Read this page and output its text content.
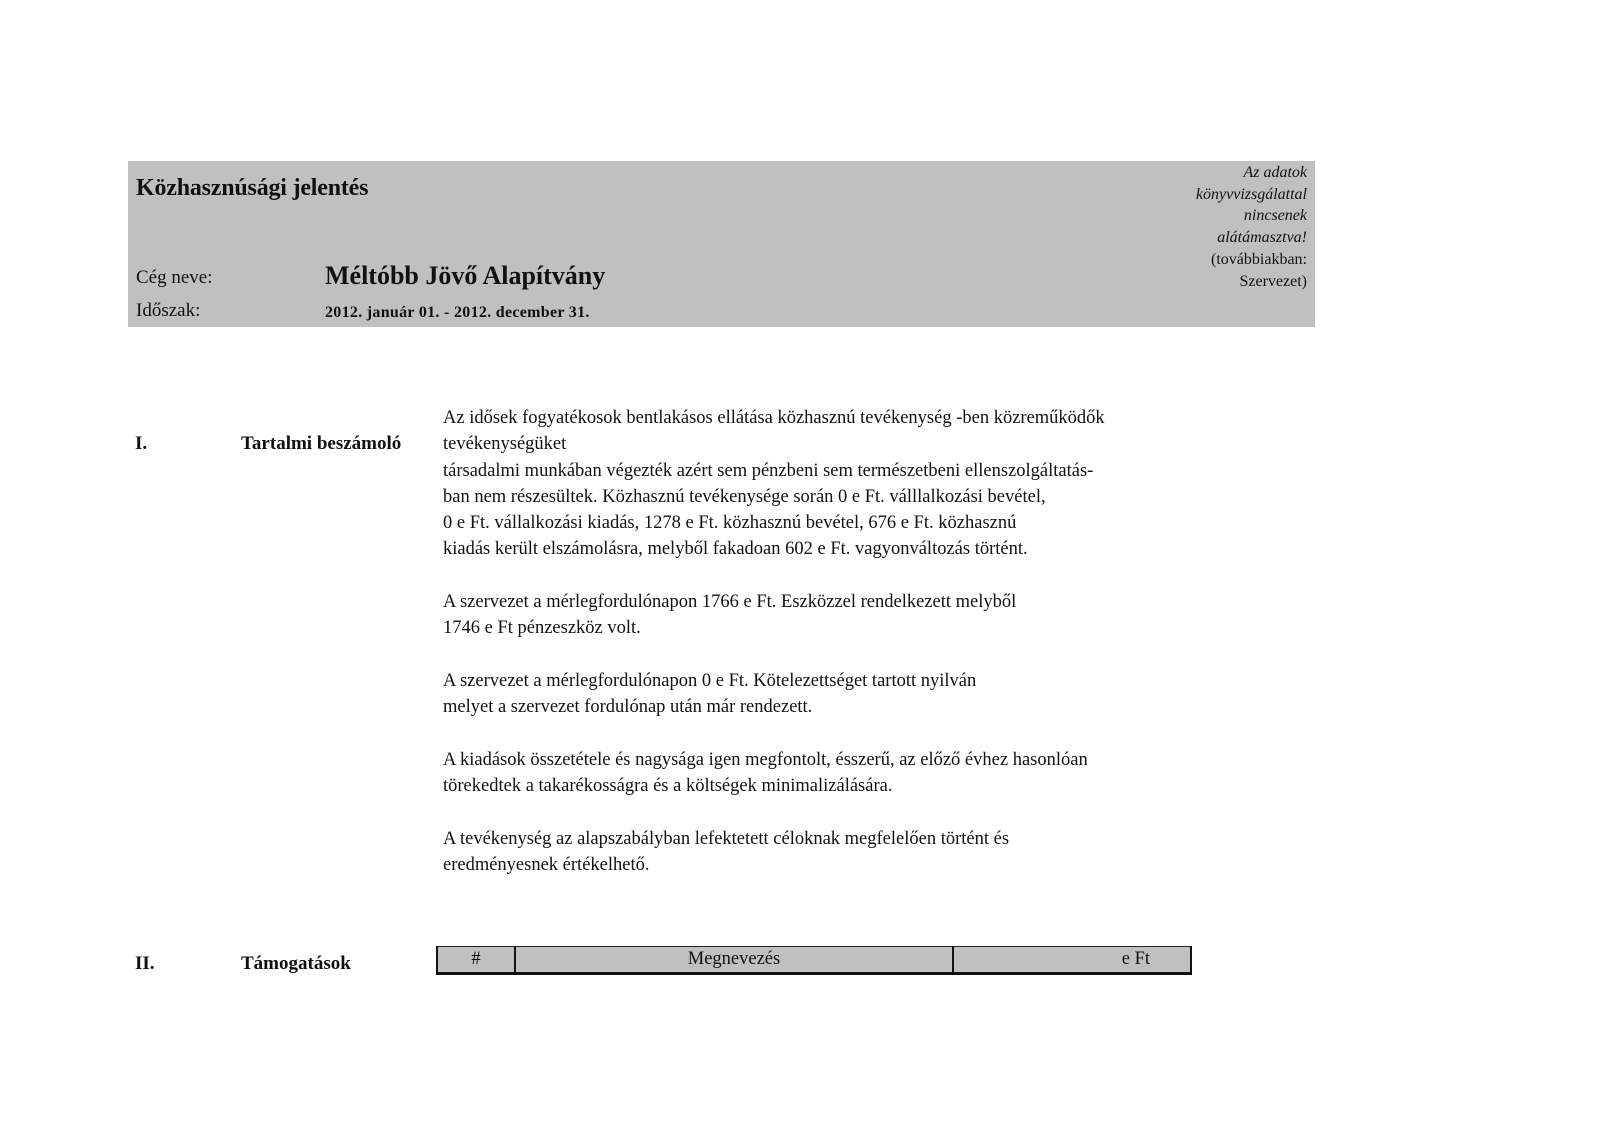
Közhasznúsági jelentés
Cég neve:	Méltóbb Jövő Alapítvány
Időszak:	2012. január 01. - 2012. december 31.
Az adatok
könyvvizsgálattal
nincsenek
alátámasztva!
(továbbiakban:
Szervezet)
I.	Tartalmi beszámoló

Az idősek fogyatékosok bentlakásos ellátása közhasznú tevékenység -ben közreműködők
tevékenységüket
társadalmi munkában végezték azért sem pénzbeni sem természetbeni ellenszolgáltatás-
ban nem részesültek. Közhasznú tevékenysége során 0 e Ft. válllalkozási bevétel,
0 e Ft. vállalkozási kiadás, 1278 e Ft. közhasznú bevétel, 676 e Ft. közhasznú
kiadás került elszámolásra, melyből fakadoan 602 e Ft. vagyonváltozás történt.

A szervezet a mérlegfordulónapon 1766 e Ft. Eszközzel rendelkezett melyből
1746 e Ft pénzeszköz volt.

A szervezet a mérlegfordulónapon 0 e Ft. Kötelezettséget tartott nyilván
melyet a szervezet fordulónap után már rendezett.

A kiadások összetétele és nagysága igen megfontolt, ésszerű, az előző évhez hasonlóan
törekedtek a takarékosságra és a költségek minimalizálására.

A tevékenység az alapszabályban lefektetett céloknak megfelelően történt és
eredményesnek értékelhető.

II.	Támogatások	#	Megnevezés	e Ft
